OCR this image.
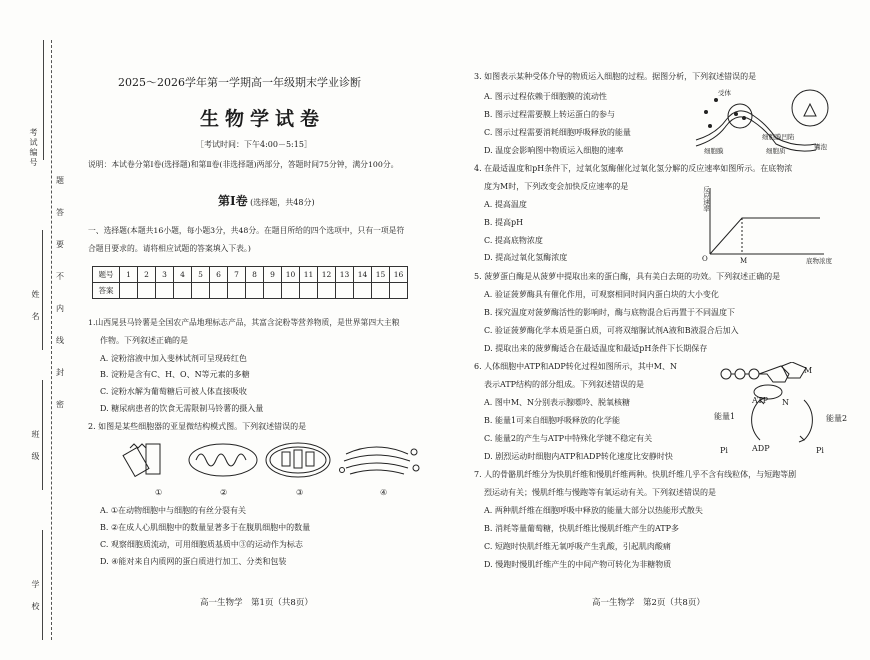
考试编号
姓名
班级
学校
密
封
线
内
不
要
答
题
2025～2026学年第一学期高一年级期末学业诊断
生物学试卷
［考试时间：下午4:00－5:15］
说明：本试卷分第Ⅰ卷(选择题)和第Ⅱ卷(非选择题)两部分，答题时间75分钟，满分100分。
第Ⅰ卷 (选择题，共48分)
一、选择题(本题共16小题，每小题3分，共48分。在题目所给的四个选项中，只有一项是符
合题目要求的。请将相应试题的答案填入下表。)
题号	1	2	3	4	5	6	7	8	9	10	11	12	13	14	15	16
答案																
1.山西晁县马铃薯是全国农产品地理标志产品，其富含淀粉等营养物质，是世界第四大主粮
作物。下列叙述正确的是
A. 淀粉溶液中加入斐林试剂可呈现砖红色
B. 淀粉是含有C、H、O、N等元素的多糖
C. 淀粉水解为葡萄糖后可被人体直接吸收
D. 糖尿病患者的饮食无需限制马铃薯的摄入量
2. 如图是某些细胞器的亚显微结构模式图。下列叙述错误的是
①	②	③	④
A. ①在动物细胞中与细胞的有丝分裂有关
B. ②在成人心肌细胞中的数量显著多于在腹肌细胞中的数量
C. 观察细胞质流动，可用细胞质基质中③的运动作为标志
D. ④能对来自内质网的蛋白质进行加工、分类和包装
高一生物学　第1页（共8页）
3. 如图表示某种受体介导的物质运入细胞的过程。据图分析，下列叙述错误的是
A. 图示过程依赖于细胞膜的流动性
B. 图示过程需要膜上转运蛋白的参与
C. 图示过程需要消耗细胞呼吸释放的能量
D. 温度会影响图中物质运入细胞的速率
受体
细胞膜凹陷
囊泡
细胞膜	细胞质
4. 在最适温度和pH条件下，过氧化氢酶催化过氧化氢分解的反应速率如图所示。在底物浓
度为M时，下列改变会加快反应速率的是
A. 提高温度
B. 提高pH
C. 提高底物浓度
D. 提高过氧化氢酶浓度
反应速率
O	M	底物浓度
5. 菠萝蛋白酶是从菠萝中提取出来的蛋白酶，具有美白去斑的功效。下列叙述正确的是
A. 验证菠萝酶具有催化作用，可观察相同时间内蛋白块的大小变化
B. 探究温度对菠萝酶活性的影响时，酶与底物混合后再置于不同温度下
C. 验证菠萝酶化学本质是蛋白质，可将双缩脲试剂A液和B液混合后加入
D. 提取出来的菠萝酶适合在最适温度和最适pH条件下长期保存
6. 人体细胞中ATP和ADP转化过程如图所示，其中M、N
表示ATP结构的部分组成。下列叙述错误的是
A. 图中M、N分别表示腺嘌呤、脱氧核糖
B. 能量1可来自细胞呼吸释放的化学能
C. 能量2的产生与ATP中特殊化学键不稳定有关
D. 剧烈运动时细胞内ATP和ADP转化速度比安静时快
M
N
ATP
ADP
能量1	能量2
Pi	Pi
7. 人的骨骼肌纤维分为快肌纤维和慢肌纤维两种。快肌纤维几乎不含有线粒体，与短跑等剧
烈运动有关；慢肌纤维与慢跑等有氧运动有关。下列叙述错误的是
A. 两种肌纤维在细胞呼吸中释放的能量大部分以热能形式散失
B. 消耗等量葡萄糖，快肌纤维比慢肌纤维产生的ATP多
C. 短跑时快肌纤维无氧呼吸产生乳酸，引起肌肉酸痛
D. 慢跑时慢肌纤维产生的中间产物可转化为非糖物质
高一生物学　第2页（共8页）
